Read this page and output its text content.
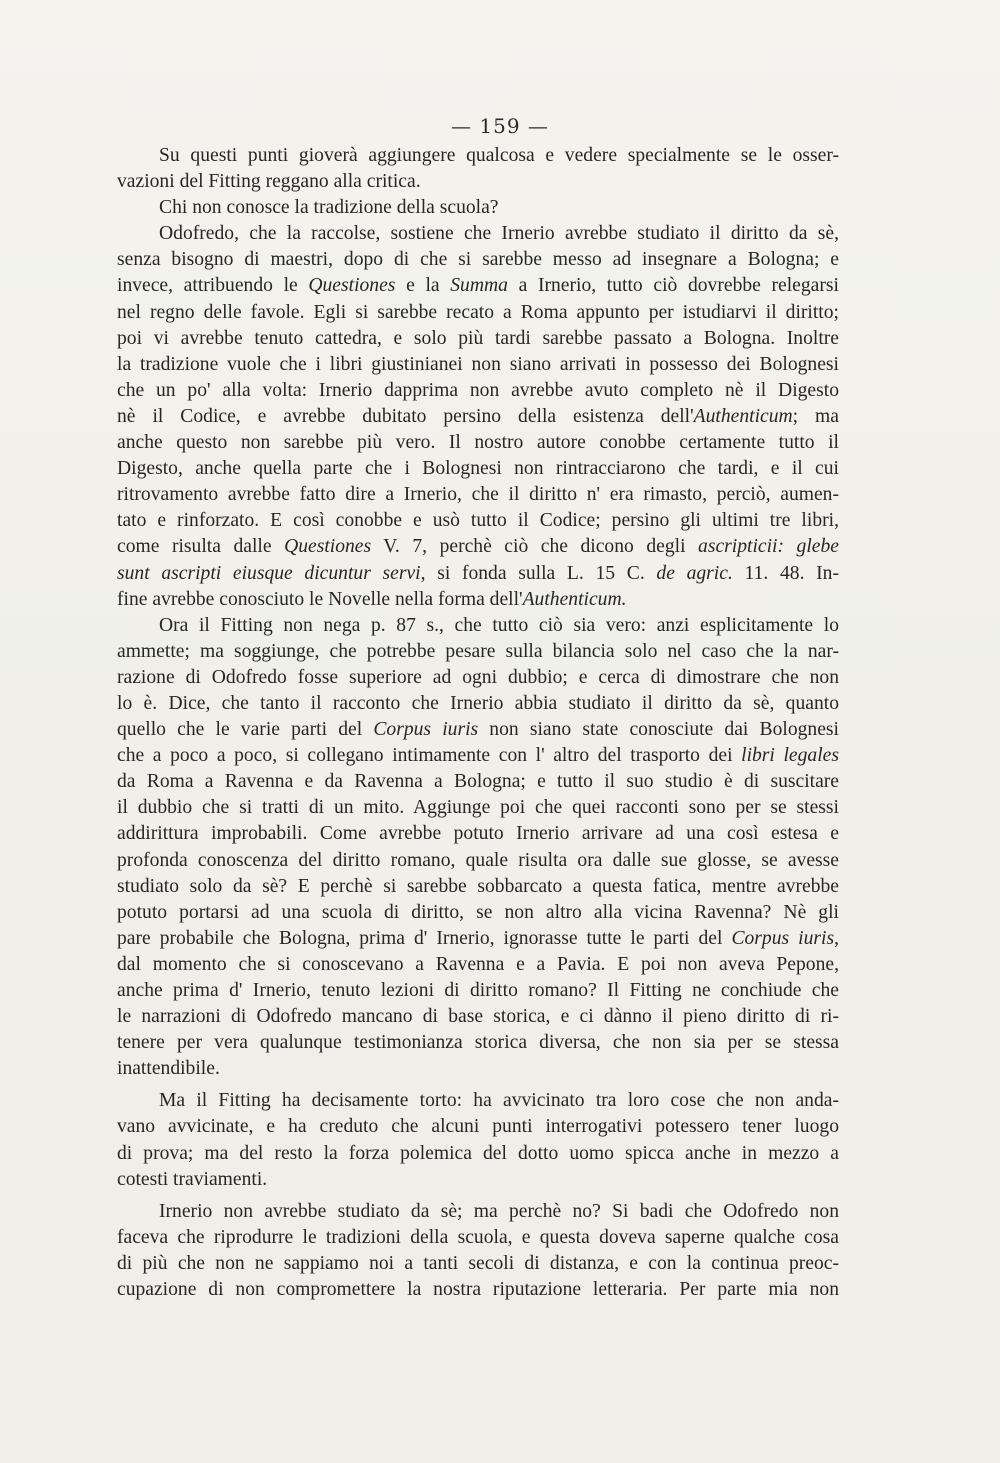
— 159 —
Su questi punti gioverà aggiungere qualcosa e vedere specialmente se le osser-
vazioni del Fitting reggano alla critica.
Chi non conosce la tradizione della scuola?
Odofredo, che la raccolse, sostiene che Irnerio avrebbe studiato il diritto da sè,
senza bisogno di maestri, dopo di che si sarebbe messo ad insegnare a Bologna; e
invece, attribuendo le Questiones e la Summa a Irnerio, tutto ciò dovrebbe relegarsi
nel regno delle favole. Egli si sarebbe recato a Roma appunto per istudiarvi il diritto;
poi vi avrebbe tenuto cattedra, e solo più tardi sarebbe passato a Bologna. Inoltre
la tradizione vuole che i libri giustinianei non siano arrivati in possesso dei Bolognesi
che un po' alla volta: Irnerio dapprima non avrebbe avuto completo nè il Digesto
nè il Codice, e avrebbe dubitato persino della esistenza dell'Authenticum; ma
anche questo non sarebbe più vero. Il nostro autore conobbe certamente tutto il
Digesto, anche quella parte che i Bolognesi non rintracciarono che tardi, e il cui
ritrovamento avrebbe fatto dire a Irnerio, che il diritto n' era rimasto, perciò, aumen-
tato e rinforzato. E così conobbe e usò tutto il Codice; persino gli ultimi tre libri,
come risulta dalle Questiones V. 7, perchè ciò che dicono degli ascripticii: glebe
sunt ascripti eiusque dicuntur servi, si fonda sulla L. 15 C. de agric. 11. 48. In-
fine avrebbe conosciuto le Novelle nella forma dell'Authenticum.
Ora il Fitting non nega p. 87 s., che tutto ciò sia vero: anzi esplicitamente lo
ammette; ma soggiunge, che potrebbe pesare sulla bilancia solo nel caso che la nar-
razione di Odofredo fosse superiore ad ogni dubbio; e cerca di dimostrare che non
lo è. Dice, che tanto il racconto che Irnerio abbia studiato il diritto da sè, quanto
quello che le varie parti del Corpus iuris non siano state conosciute dai Bolognesi
che a poco a poco, si collegano intimamente con l' altro del trasporto dei libri legales
da Roma a Ravenna e da Ravenna a Bologna; e tutto il suo studio è di suscitare
il dubbio che si tratti di un mito. Aggiunge poi che quei racconti sono per se stessi
addirittura improbabili. Come avrebbe potuto Irnerio arrivare ad una così estesa e
profonda conoscenza del diritto romano, quale risulta ora dalle sue glosse, se avesse
studiato solo da sè? E perchè si sarebbe sobbarcato a questa fatica, mentre avrebbe
potuto portarsi ad una scuola di diritto, se non altro alla vicina Ravenna? Nè gli
pare probabile che Bologna, prima d' Irnerio, ignorasse tutte le parti del Corpus iuris,
dal momento che si conoscevano a Ravenna e a Pavia. E poi non aveva Pepone,
anche prima d' Irnerio, tenuto lezioni di diritto romano? Il Fitting ne conchiude che
le narrazioni di Odofredo mancano di base storica, e ci dànno il pieno diritto di ri-
tenere per vera qualunque testimonianza storica diversa, che non sia per se stessa
inattendibile.
Ma il Fitting ha decisamente torto: ha avvicinato tra loro cose che non anda-
vano avvicinate, e ha creduto che alcuni punti interrogativi potessero tener luogo
di prova; ma del resto la forza polemica del dotto uomo spicca anche in mezzo a
cotesti traviamenti.
Irnerio non avrebbe studiato da sè; ma perchè no? Si badi che Odofredo non
faceva che riprodurre le tradizioni della scuola, e questa doveva saperne qualche cosa
di più che non ne sappiamo noi a tanti secoli di distanza, e con la continua preoc-
cupazione di non compromettere la nostra riputazione letteraria. Per parte mia non
